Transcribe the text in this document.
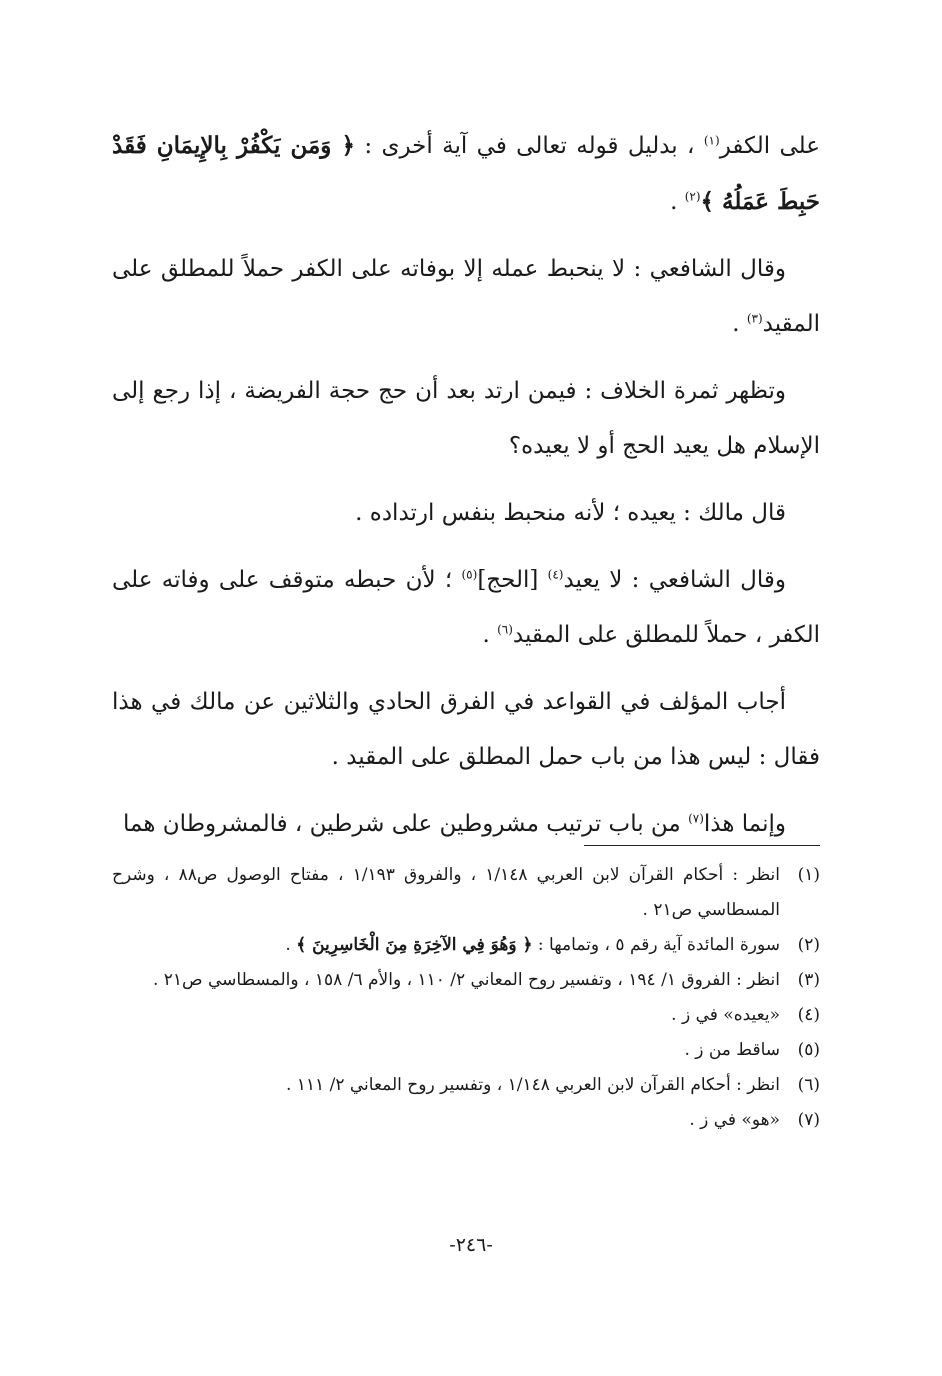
على الكفر$^{(١)}$ ، بدليل قوله تعالى في آية أخرى : ﴿ وَمَن يَكْفُرْ بِالإِيمَانِ فَقَدْ حَبِطَ عَمَلُهُ ﴾$^{(٢)}$ .

وقال الشافعي : لا ينحبط عمله إلا بوفاته على الكفر حملاً للمطلق على المقيد$^{(٣)}$ .

وتظهر ثمرة الخلاف : فيمن ارتد بعد أن حج حجة الفريضة ، إذا رجع إلى الإسلام هل يعيد الحج أو لا يعيده؟

قال مالك : يعيده ؛ لأنه منحبط بنفس ارتداده .

وقال الشافعي : لا يعيد$^{(٤)}$ [الحج]$^{(٥)}$ ؛ لأن حبطه متوقف على وفاته على الكفر ، حملاً للمطلق على المقيد$^{(٦)}$ .

أجاب المؤلف في القواعد في الفرق الحادي والثلاثين عن مالك في هذا فقال : ليس هذا من باب حمل المطلق على المقيد .

وإنما هذا$^{(٧)}$ من باب ترتيب مشروطين على شرطين ، فالمشروطان هما

(١)
انظر : أحكام القرآن لابن العربي ١/١٤٨ ، والفروق ١/١٩٣ ، مفتاح الوصول ص٨٨ ، وشرح المسطاسي ص٢١ .
(٢)
سورة المائدة آية رقم ٥ ، وتمامها : ﴿ وَهُوَ فِي الآخِرَةِ مِنَ الْخَاسِرِينَ ﴾ .
(٣)
انظر : الفروق ١/ ١٩٤ ، وتفسير روح المعاني ٢/ ١١٠ ، والأم ٦/ ١٥٨ ، والمسطاسي ص٢١ .
(٤)
«يعيده» في ز .
(٥)
ساقط من ز .
(٦)
انظر : أحكام القرآن لابن العربي ١/١٤٨ ، وتفسير روح المعاني ٢/ ١١١ .
(٧)
«هو» في ز .
-٢٤٦-
